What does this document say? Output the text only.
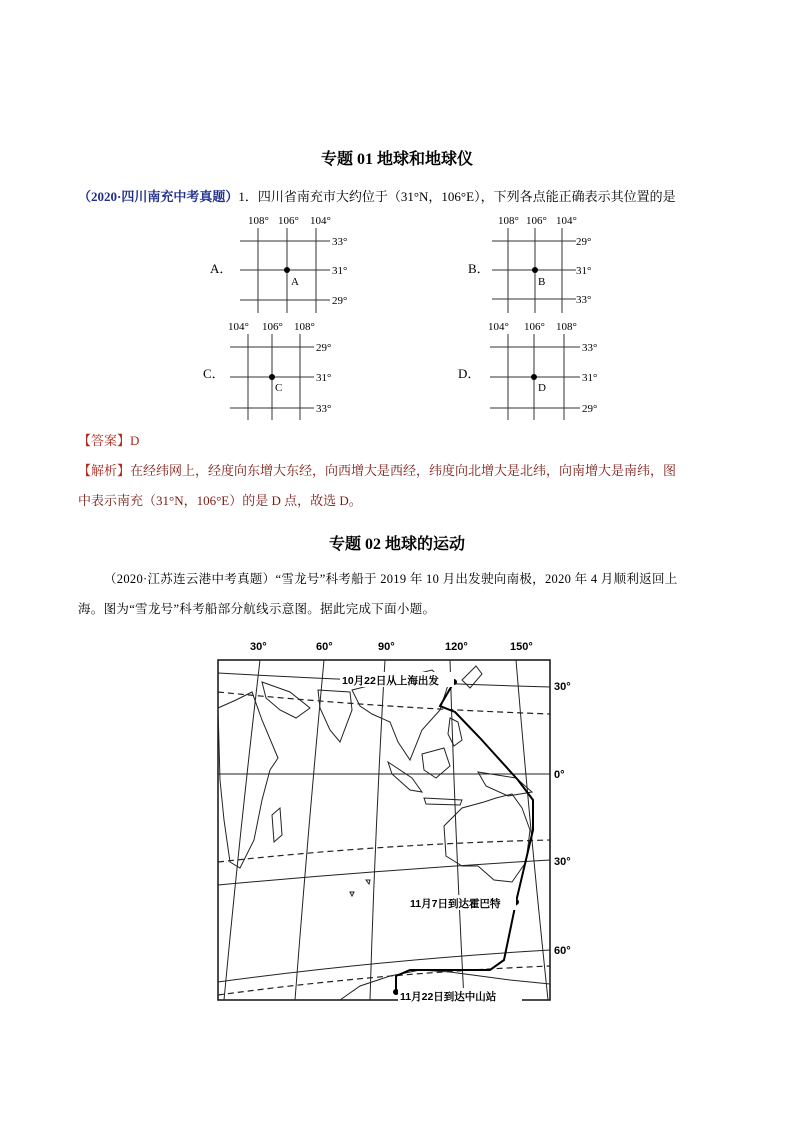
专题 01 地球和地球仪
（2020·四川南充中考真题）1．四川省南充市大约位于（31°N，106°E），下列各点能正确表示其位置的是
A．	B．
C．	D．
108° 106° 104°
33°
31°
29°
A
108° 106° 104°
29°
31°
33°
B
104° 106° 108°
29°
31°
33°
C
104° 106° 108°
33°
31°
29°
D
【答案】D
【解析】在经纬网上，经度向东增大东经，向西增大是西经，纬度向北增大是北纬，向南增大是南纬，图
中表示南充（31°N，106°E）的是 D 点，故选 D。
专题 02 地球的运动
（2020·江苏连云港中考真题）“雪龙号”科考船于 2019 年 10 月出发驶向南极，2020 年 4 月顺利返回上
海。图为“雪龙号”科考船部分航线示意图。据此完成下面小题。
30°	60°	90°	120°	150°
30°
0°
30°
60°
10月22日从上海出发
11月7日到达霍巴特
11月22日到达中山站
